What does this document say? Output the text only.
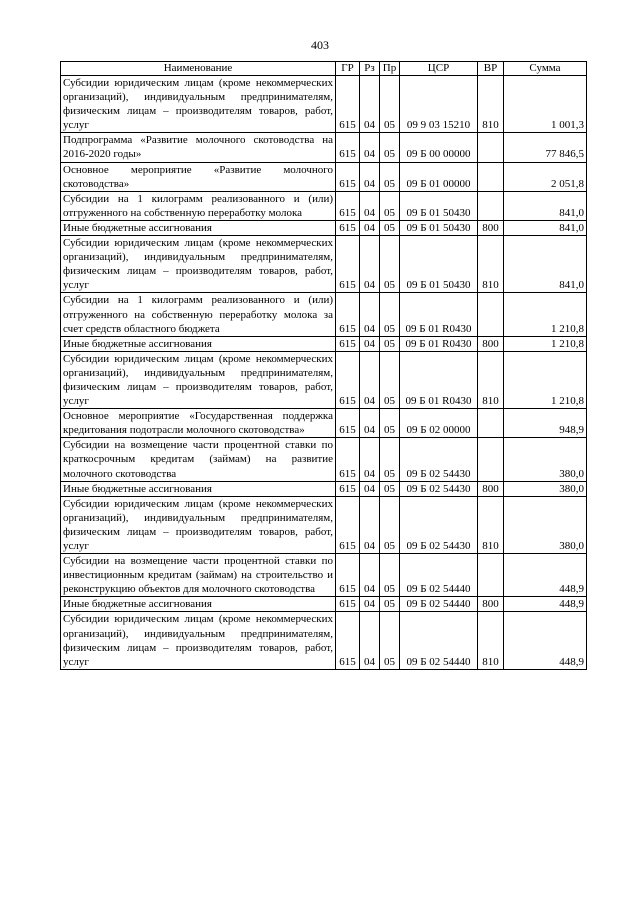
403
Наименование	ГР	Рз	Пр	ЦСР	ВР	Сумма
Субсидии юридическим лицам (кроме некоммерческих организаций), индивидуальным предпринимателям, физическим лицам – производителям товаров, работ, услуг	615	04	05	09 9 03 15210	810	1 001,3
Подпрограмма «Развитие молочного скотоводства на 2016-2020 годы»	615	04	05	09 Б 00 00000		77 846,5
Основное мероприятие «Развитие молочного скотоводства»	615	04	05	09 Б 01 00000		2 051,8
Субсидии на 1 килограмм реализованного и (или) отгруженного на собственную переработку молока	615	04	05	09 Б 01 50430		841,0
Иные бюджетные ассигнования	615	04	05	09 Б 01 50430	800	841,0
Субсидии юридическим лицам (кроме некоммерческих организаций), индивидуальным предпринимателям, физическим лицам – производителям товаров, работ, услуг	615	04	05	09 Б 01 50430	810	841,0
Субсидии на 1 килограмм реализованного и (или) отгруженного на собственную переработку молока за счет средств областного бюджета	615	04	05	09 Б 01 R0430		1 210,8
Иные бюджетные ассигнования	615	04	05	09 Б 01 R0430	800	1 210,8
Субсидии юридическим лицам (кроме некоммерческих организаций), индивидуальным предпринимателям, физическим лицам – производителям товаров, работ, услуг	615	04	05	09 Б 01 R0430	810	1 210,8
Основное мероприятие «Государственная поддержка кредитования подотрасли молочного скотоводства»	615	04	05	09 Б 02 00000		948,9
Субсидии на возмещение части процентной ставки по краткосрочным кредитам (займам) на развитие молочного скотоводства	615	04	05	09 Б 02 54430		380,0
Иные бюджетные ассигнования	615	04	05	09 Б 02 54430	800	380,0
Субсидии юридическим лицам (кроме некоммерческих организаций), индивидуальным предпринимателям, физическим лицам – производителям товаров, работ, услуг	615	04	05	09 Б 02 54430	810	380,0
Субсидии на возмещение части процентной ставки по инвестиционным кредитам (займам) на строительство и реконструкцию объектов для молочного скотоводства	615	04	05	09 Б 02 54440		448,9
Иные бюджетные ассигнования	615	04	05	09 Б 02 54440	800	448,9
Субсидии юридическим лицам (кроме некоммерческих организаций), индивидуальным предпринимателям, физическим лицам – производителям товаров, работ, услуг	615	04	05	09 Б 02 54440	810	448,9
